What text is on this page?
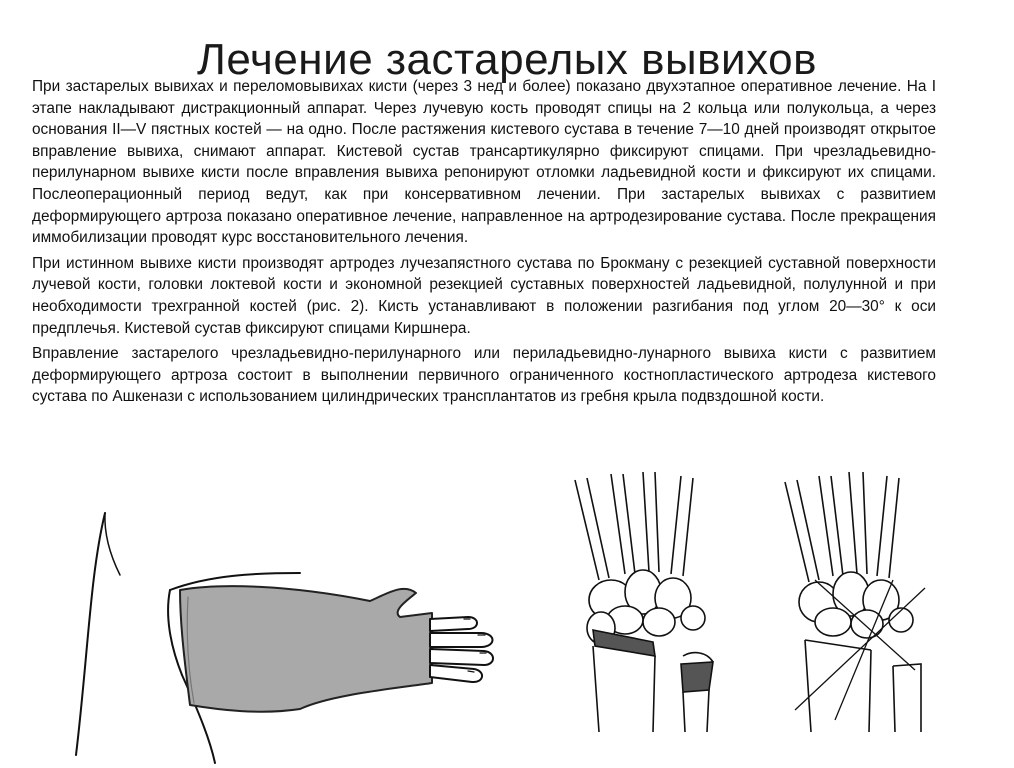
Лечение застарелых вывихов

При застарелых вывихах и переломовывихах кисти (через 3 нед и более) показано двухэтапное оперативное лечение. На I этапе накладывают дистракционный аппарат. Через лучевую кость проводят спицы на 2 кольца или полукольца, а через основания II—V пястных костей — на одно. После растяжения кистевого сустава в течение 7—10 дней производят открытое вправление вывиха, снимают аппарат. Кистевой сустав трансартикулярно фиксируют спицами. При чрезладьевидно-перилунарном вывихе кисти после вправления вывиха репонируют отломки ладьевидной кости и фиксируют их спицами. Послеоперационный период ведут, как при консервативном лечении. При застарелых вывихах с развитием деформирующего артроза показано оперативное лечение, направленное на артродезирование сустава. После прекращения иммобилизации проводят курс восстановительного лечения.

При истинном вывихе кисти производят артродез лучезапястного сустава по Брокману с резекцией суставной поверхности лучевой кости, головки локтевой кости и экономной резекцией суставных поверхностей ладьевидной, полулунной и при необходимости трехгранной костей (рис. 2). Кисть устанавливают в положении разгибания под углом 20—30° к оси предплечья. Кистевой сустав фиксируют спицами Киршнера.

Вправление застарелого чрезладьевидно-перилунарного или периладьевидно-лунарного вывиха кисти с развитием деформирующего артроза состоит в выполнении первичного ограниченного костнопластического артродеза кистевого сустава по Ашкенази с использованием цилиндрических трансплантатов из гребня крыла подвздошной кости.
